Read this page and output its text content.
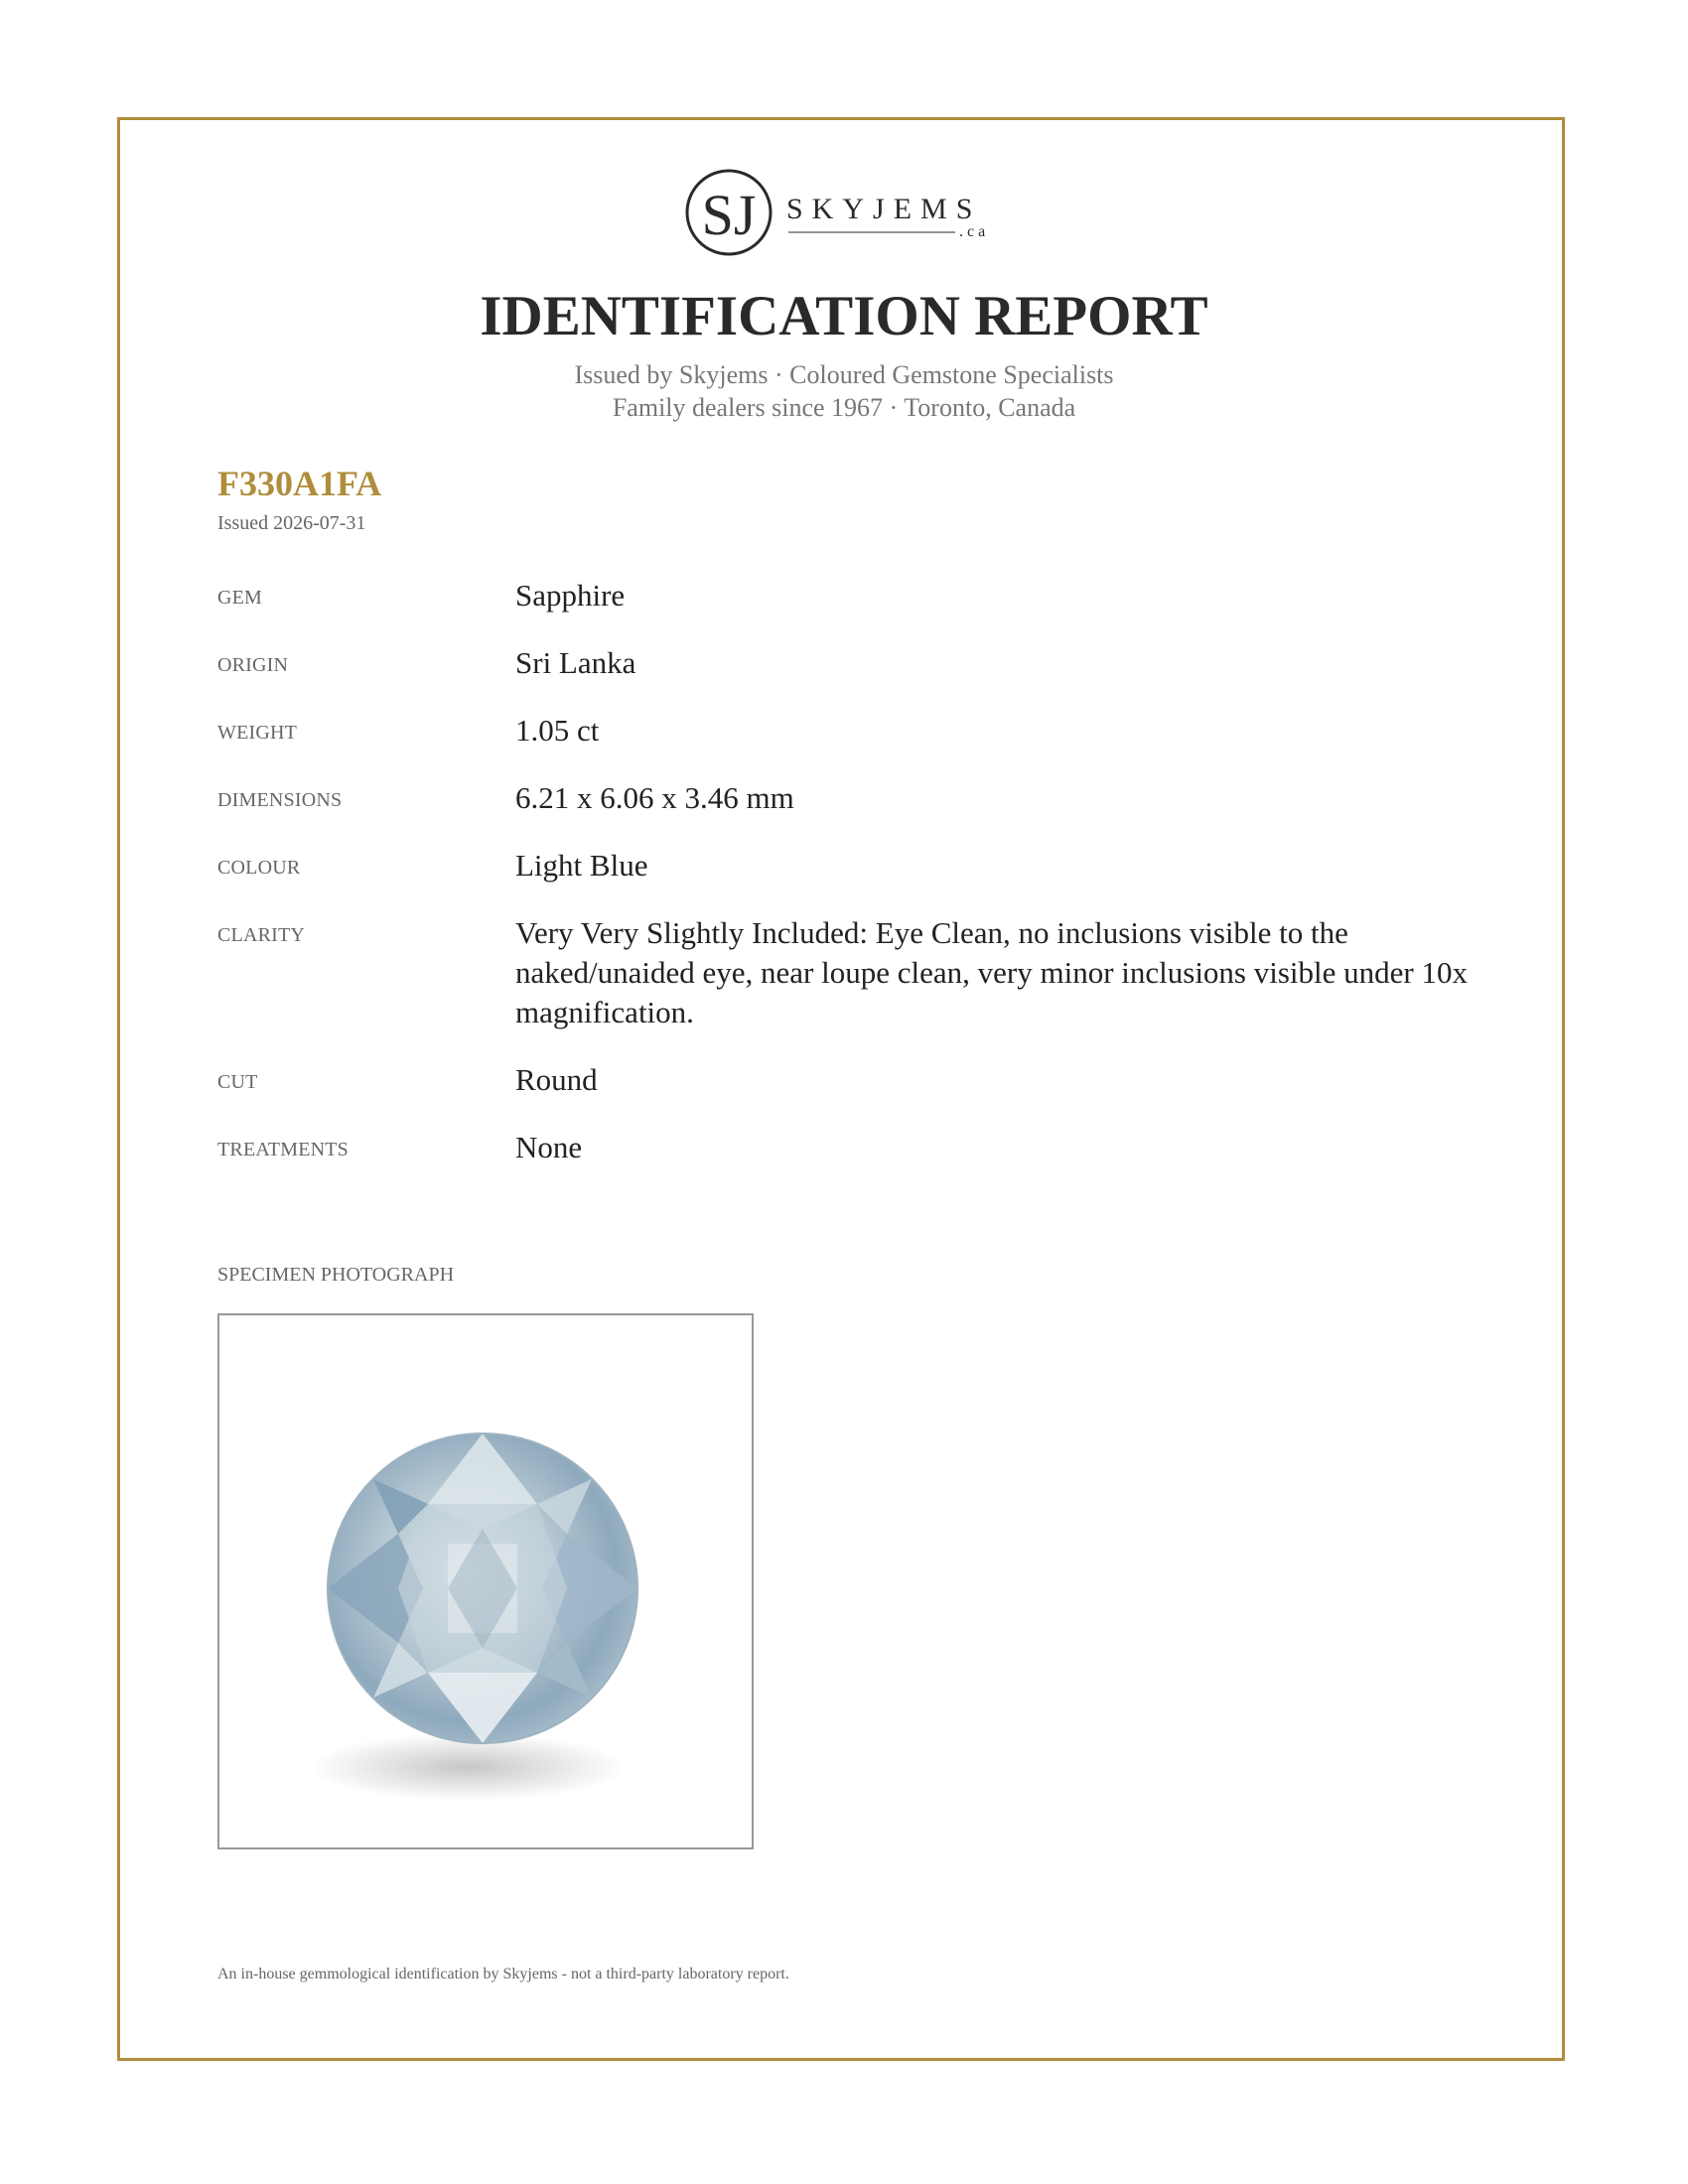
SJ SKYJEMS
.ca
IDENTIFICATION REPORT
Issued by Skyjems · Coloured Gemstone Specialists
Family dealers since 1967 · Toronto, Canada
F330A1FA
Issued 2026-07-31
GEM	Sapphire
ORIGIN	Sri Lanka
WEIGHT	1.05 ct
DIMENSIONS	6.21 x 6.06 x 3.46 mm
COLOUR	Light Blue
CLARITY	Very Very Slightly Included: Eye Clean, no inclusions visible to the naked/unaided eye, near loupe clean, very minor inclusions visible under 10x magnification.
CUT	Round
TREATMENTS	None
SPECIMEN PHOTOGRAPH
An in-house gemmological identification by Skyjems - not a third-party laboratory report.
